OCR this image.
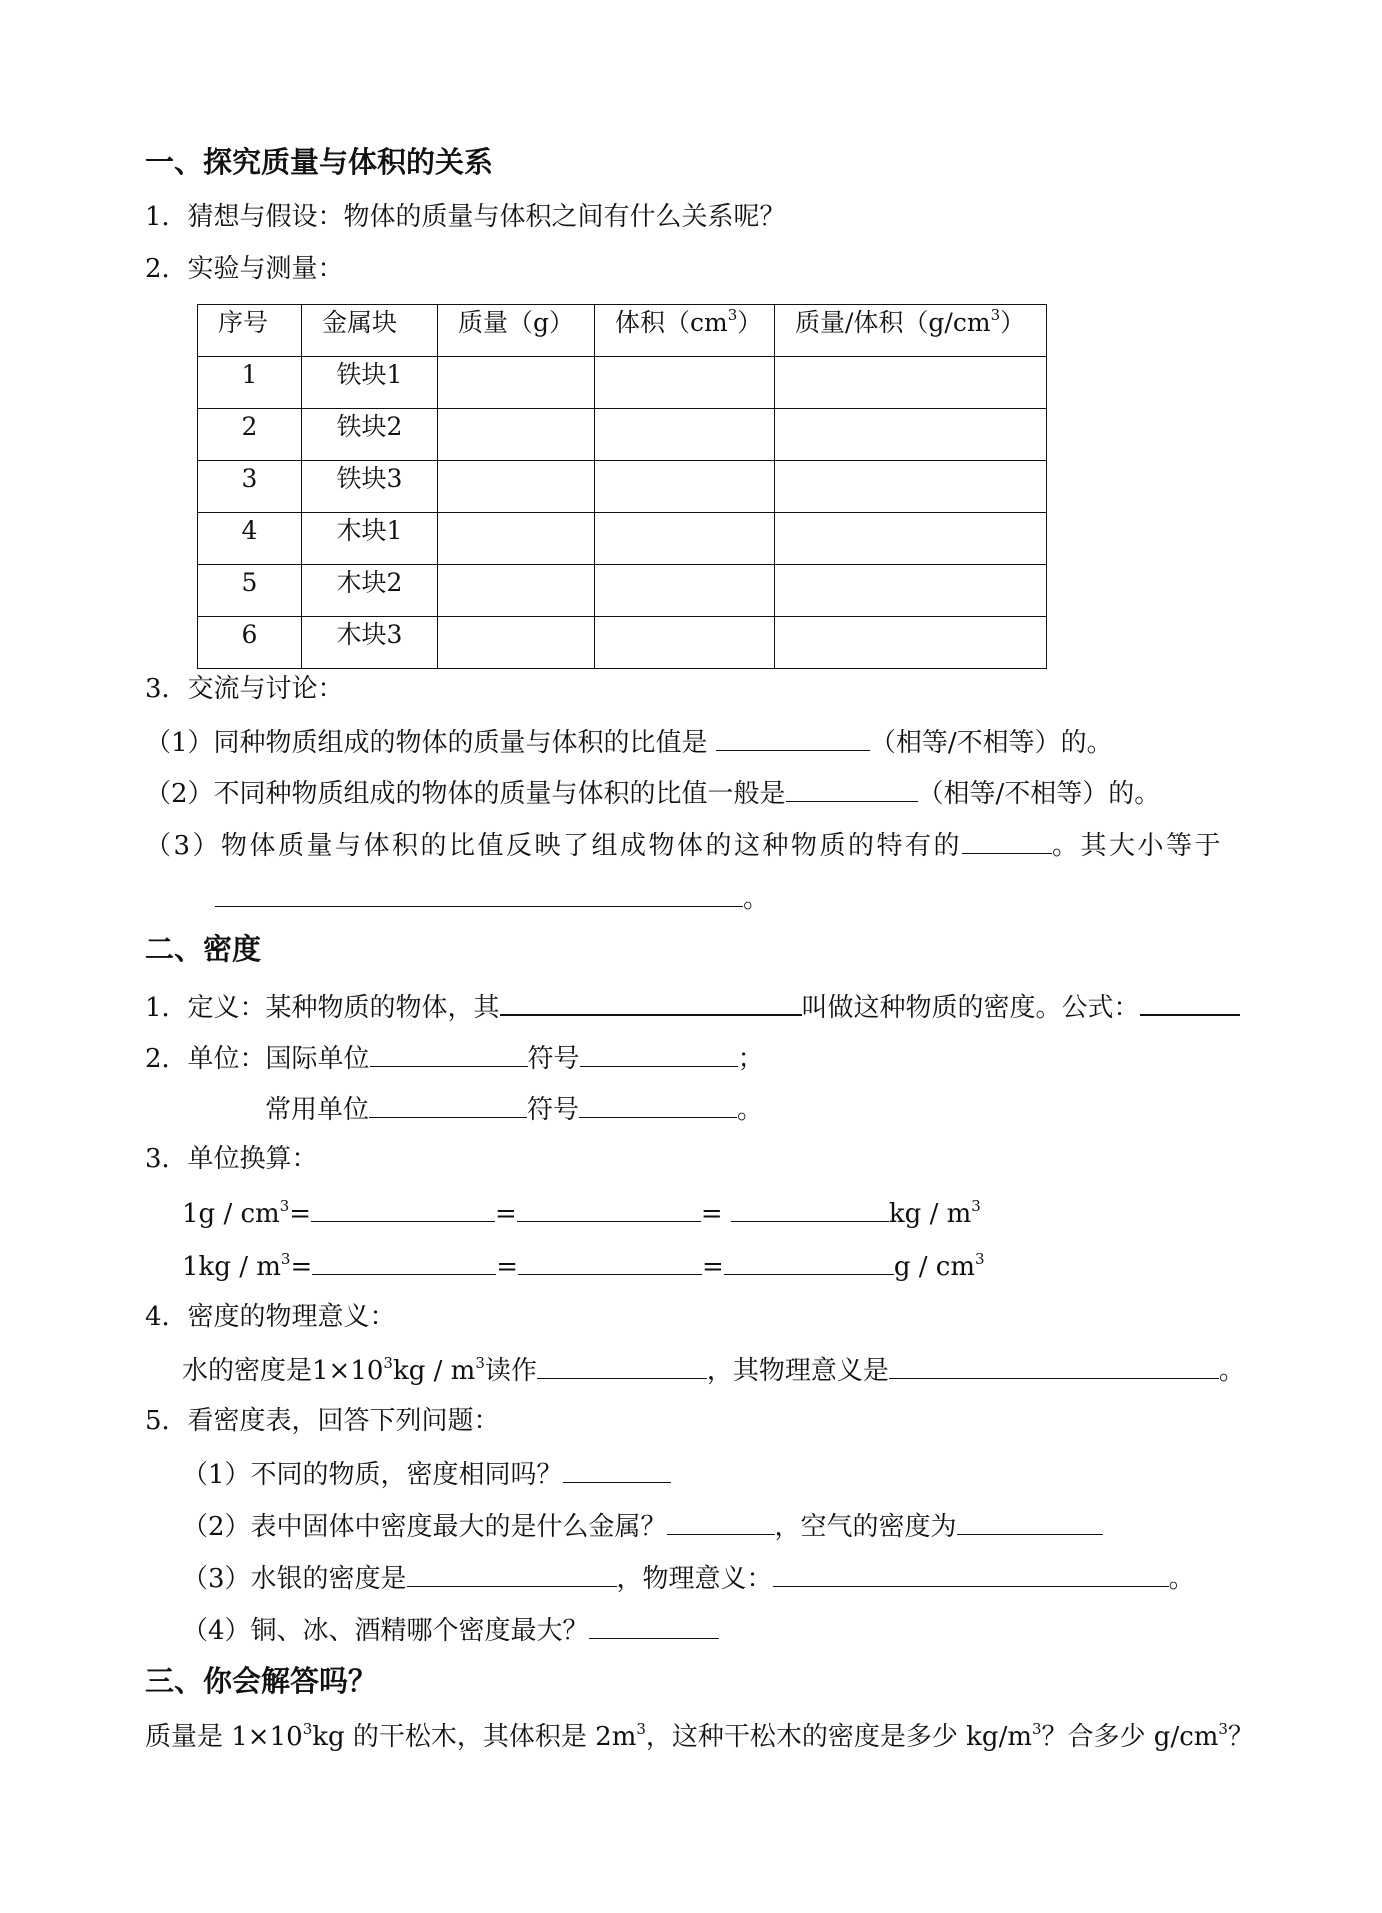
一、探究质量与体积的关系
1．猜想与假设：物体的质量与体积之间有什么关系呢？
2．实验与测量：
序号	金属块	质量（g）	体积$(cm^3)$	质量/体积$(g/cm^3)$
1	铁块1			
2	铁块2			
3	铁块3			
4	木块1			
5	木块2			
6	木块3			
3．交流与讨论：
（1）同种物质组成的物体的质量与体积的比值是	（相等/不相等）的。
（2）不同种物质组成的物体的质量与体积的比值一般是	（相等/不相等）的。
（3）物体质量与体积的比值反映了组成物体的这种物质的特有的	。其大小等于
。
二、密度
1．定义：某种物质的物体，其	叫做这种物质的密度。公式：
2．单位：国际单位	符号	；
常用单位	符号	。
3．单位换算：
$1g / cm^3=$	=	=	kg / $m^3$
$1kg / m^3=$	=	=	g / $cm^3$
4．密度的物理意义：
水的密度是$1\times 10^3kg / m^3$读作	，其物理意义是	。
5．看密度表，回答下列问题：
（1）不同的物质，密度相同吗？
（2）表中固体中密度最大的是什么金属？	，空气的密度为
（3）水银的密度是	，物理意义：	。
（4）铜、冰、酒精哪个密度最大？
三、你会解答吗？
质量是 $1\times 10^3kg$ 的干松木，其体积是 $2m^3$，这种干松木的密度是多少 $kg/m^3$？合多少 $g/cm^3$？
